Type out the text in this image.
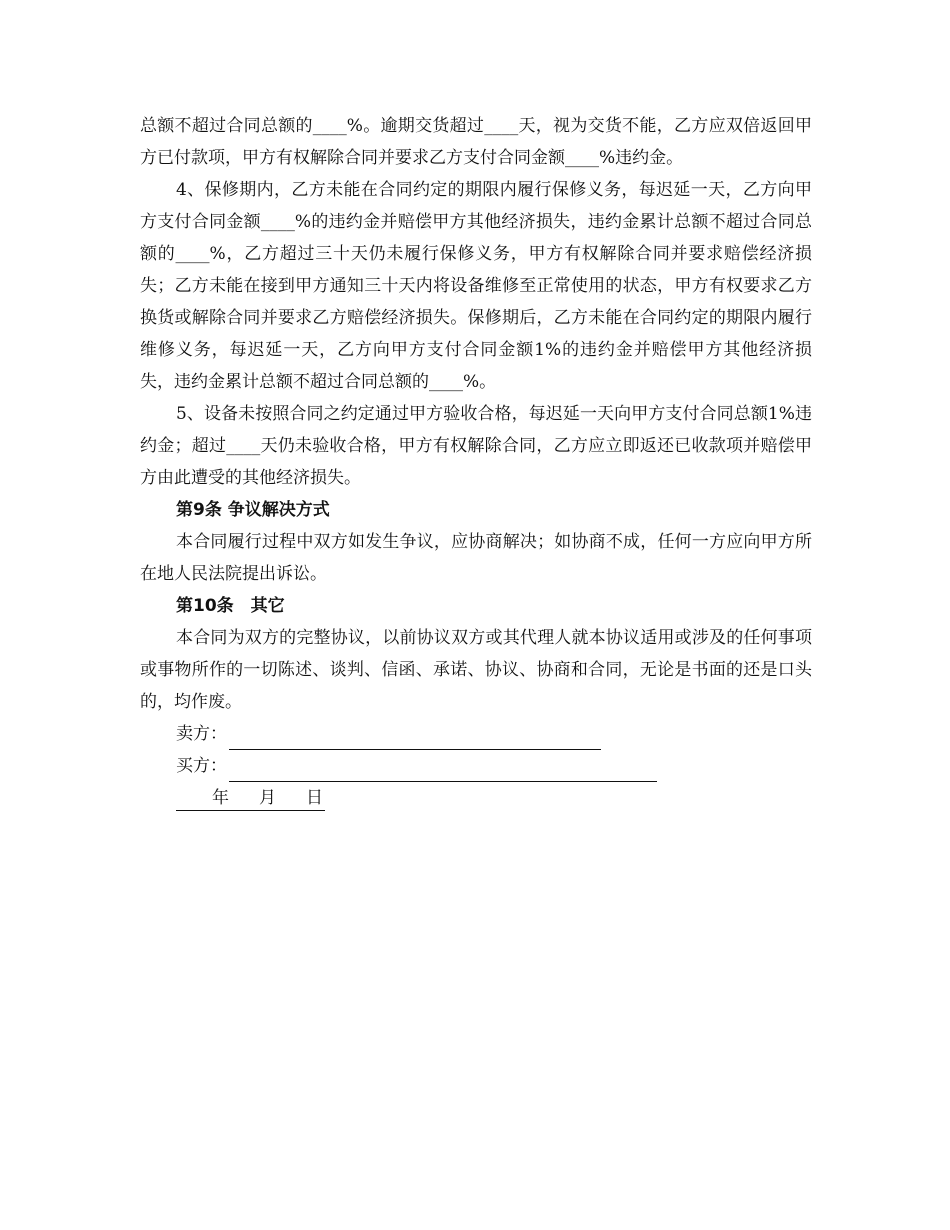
总额不超过合同总额的____%。逾期交货超过____天，视为交货不能，乙方应双倍返回甲方已付款项，甲方有权解除合同并要求乙方支付合同金额____%违约金。

4、保修期内，乙方未能在合同约定的期限内履行保修义务，每迟延一天，乙方向甲方支付合同金额____%的违约金并赔偿甲方其他经济损失，违约金累计总额不超过合同总额的____%，乙方超过三十天仍未履行保修义务，甲方有权解除合同并要求赔偿经济损失；乙方未能在接到甲方通知三十天内将设备维修至正常使用的状态，甲方有权要求乙方换货或解除合同并要求乙方赔偿经济损失。保修期后，乙方未能在合同约定的期限内履行维修义务，每迟延一天，乙方向甲方支付合同金额1%的违约金并赔偿甲方其他经济损失，违约金累计总额不超过合同总额的____%。

5、设备未按照合同之约定通过甲方验收合格，每迟延一天向甲方支付合同总额1%违约金；超过____天仍未验收合格，甲方有权解除合同，乙方应立即返还已收款项并赔偿甲方由此遭受的其他经济损失。

第9条 争议解决方式

本合同履行过程中双方如发生争议，应协商解决；如协商不成，任何一方应向甲方所在地人民法院提出诉讼。

第10条　其它

本合同为双方的完整协议，以前协议双方或其代理人就本协议适用或涉及的任何事项或事物所作的一切陈述、谈判、信函、承诺、协议、协商和合同，无论是书面的还是口头的，均作废。

卖方：
买方：
年 月 日
